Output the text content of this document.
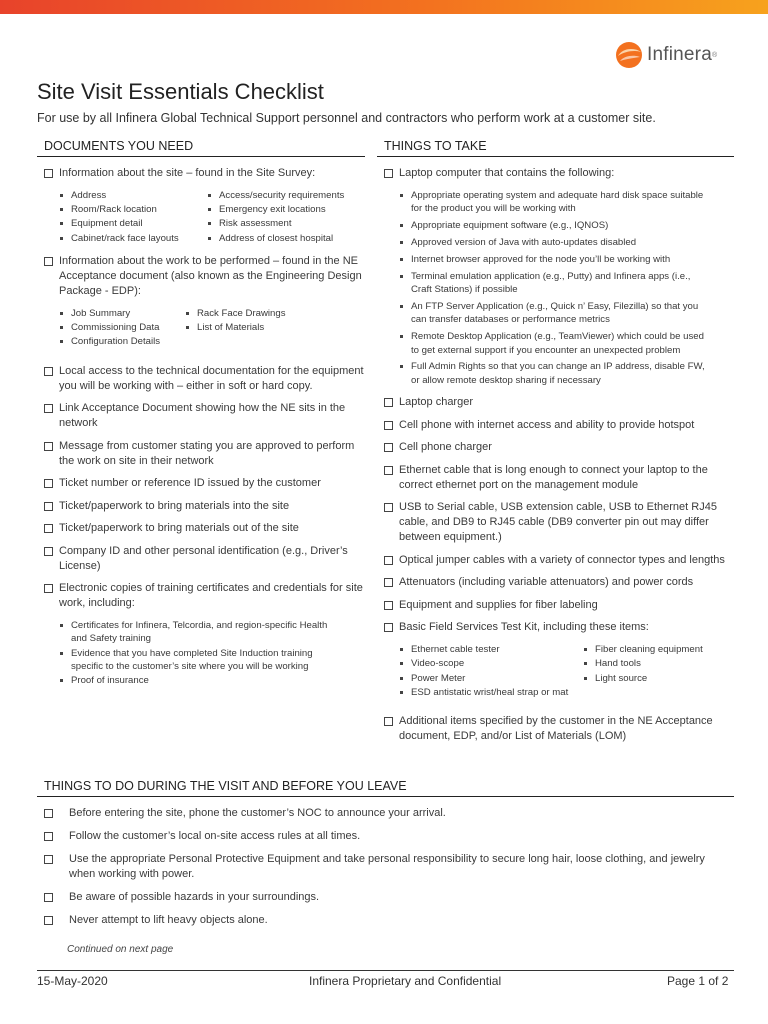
Infinera ®
Site Visit Essentials Checklist
For use by all Infinera Global Technical Support personnel and contractors who perform work at a customer site.
DOCUMENTS YOU NEED
Information about the site – found in the Site Survey:
Address
Room/Rack location
Equipment detail
Cabinet/rack face layouts
Access/security requirements
Emergency exit locations
Risk assessment
Address of closest hospital
Information about the work to be performed – found in the NE Acceptance document (also known as the Engineering Design Package - EDP):
Job Summary
Commissioning Data
Configuration Details
Rack Face Drawings
List of Materials
Local access to the technical documentation for the equipment you will be working with – either in soft or hard copy.
Link Acceptance Document showing how the NE sits in the network
Message from customer stating you are approved to perform the work on site in their network
Ticket number or reference ID issued by the customer
Ticket/paperwork to bring materials into the site
Ticket/paperwork to bring materials out of the site
Company ID and other personal identification (e.g., Driver’s License)
Electronic copies of training certificates and credentials for site work, including:
Certificates for Infinera, Telcordia, and region-specific Health and Safety training
Evidence that you have completed Site Induction training specific to the customer’s site where you will be working
Proof of insurance
THINGS TO TAKE
Laptop computer that contains the following:
Appropriate operating system and adequate hard disk space suitable for the product you will be working with
Appropriate equipment software (e.g., IQNOS)
Approved version of Java with auto-updates disabled
Internet browser approved for the node you’ll be working with
Terminal emulation application (e.g., Putty) and Infinera apps (i.e., Craft Stations) if possible
An FTP Server Application (e.g., Quick n’ Easy, Filezilla) so that you can transfer databases or performance metrics
Remote Desktop Application (e.g., TeamViewer) which could be used to get external support if you encounter an unexpected problem
Full Admin Rights so that you can change an IP address, disable FW, or allow remote desktop sharing if necessary
Laptop charger
Cell phone with internet access and ability to provide hotspot
Cell phone charger
Ethernet cable that is long enough to connect your laptop to the correct ethernet port on the management module
USB to Serial cable, USB extension cable, USB to Ethernet RJ45 cable, and DB9 to RJ45 cable (DB9 converter pin out may differ between equipment.)
Optical jumper cables with a variety of connector types and lengths
Attenuators (including variable attenuators) and power cords
Equipment and supplies for fiber labeling
Basic Field Services Test Kit, including these items:
Ethernet cable tester
Video-scope
Power Meter
ESD antistatic wrist/heal strap or mat
Fiber cleaning equipment
Hand tools
Light source
Additional items specified by the customer in the NE Acceptance document, EDP, and/or List of Materials (LOM)
THINGS TO DO DURING THE VISIT AND BEFORE YOU LEAVE
Before entering the site, phone the customer’s NOC to announce your arrival.
Follow the customer’s local on-site access rules at all times.
Use the appropriate Personal Protective Equipment and take personal responsibility to secure long hair, loose clothing, and jewelry when working with power.
Be aware of possible hazards in your surroundings.
Never attempt to lift heavy objects alone.
Continued on next page
15-May-2020	Infinera Proprietary and Confidential	Page 1 of 2
